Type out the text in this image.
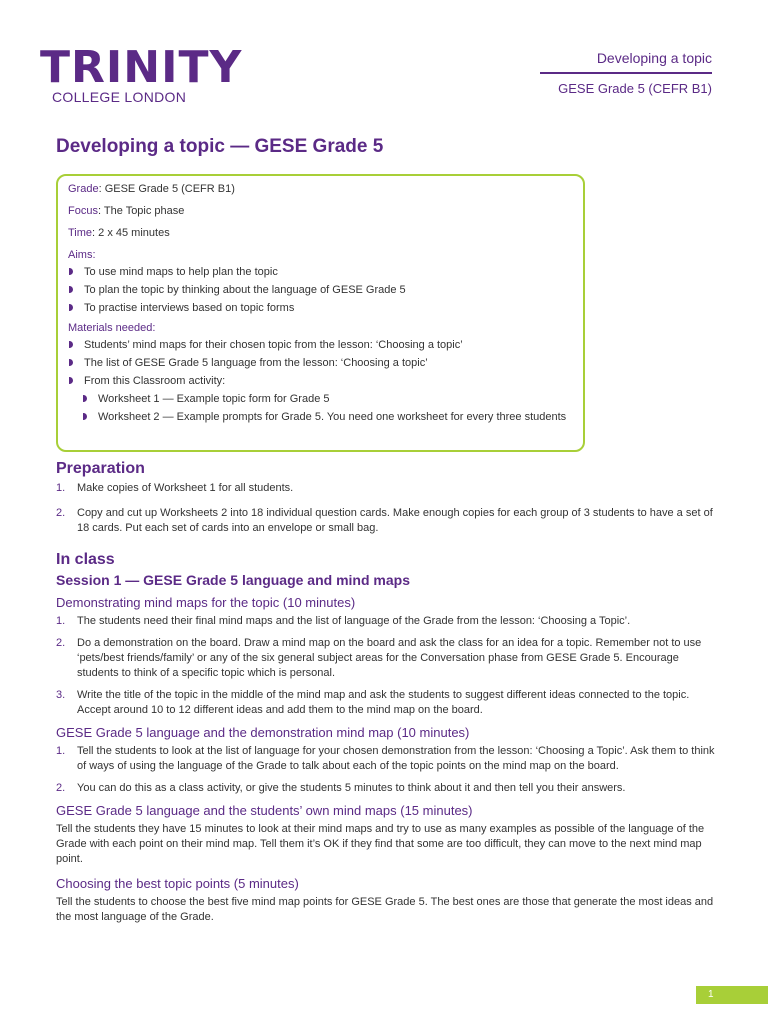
TRINITY
COLLEGE LONDON
Developing a topic
GESE Grade 5 (CEFR B1)
Developing a topic — GESE Grade 5
Grade: GESE Grade 5 (CEFR B1)
Focus: The Topic phase
Time: 2 x 45 minutes
Aims:
To use mind maps to help plan the topic
To plan the topic by thinking about the language of GESE Grade 5
To practise interviews based on topic forms
Materials needed:
Students’ mind maps for their chosen topic from the lesson: ‘Choosing a topic’
The list of GESE Grade 5 language from the lesson: ‘Choosing a topic’
From this Classroom activity:
Worksheet 1 — Example topic form for Grade 5
Worksheet 2 — Example prompts for Grade 5. You need one worksheet for every three students
Preparation
1. Make copies of Worksheet 1 for all students.
2. Copy and cut up Worksheets 2 into 18 individual question cards. Make enough copies for each group of 3 students to have a set of 18 cards. Put each set of cards into an envelope or small bag.
In class
Session 1 — GESE Grade 5 language and mind maps
Demonstrating mind maps for the topic (10 minutes)
1. The students need their final mind maps and the list of language of the Grade from the lesson: ‘Choosing a Topic’.
2. Do a demonstration on the board. Draw a mind map on the board and ask the class for an idea for a topic. Remember not to use ‘pets/best friends/family’ or any of the six general subject areas for the Conversation phase from GESE Grade 5. Encourage students to think of a specific topic which is personal.
3. Write the title of the topic in the middle of the mind map and ask the students to suggest different ideas connected to the topic. Accept around 10 to 12 different ideas and add them to the mind map on the board.
GESE Grade 5 language and the demonstration mind map (10 minutes)
1. Tell the students to look at the list of language for your chosen demonstration from the lesson: ‘Choosing a Topic’. Ask them to think of ways of using the language of the Grade to talk about each of the topic points on the mind map on the board.
2. You can do this as a class activity, or give the students 5 minutes to think about it and then tell you their answers.
GESE Grade 5 language and the students’ own mind maps (15 minutes)

Tell the students they have 15 minutes to look at their mind maps and try to use as many examples as possible of the language of the Grade with each point on their mind map. Tell them it’s OK if they find that some are too difficult, they can move to the next mind map point.

Choosing the best topic points (5 minutes)

Tell the students to choose the best five mind map points for GESE Grade 5. The best ones are those that generate the most ideas and the most language of the Grade.

1
